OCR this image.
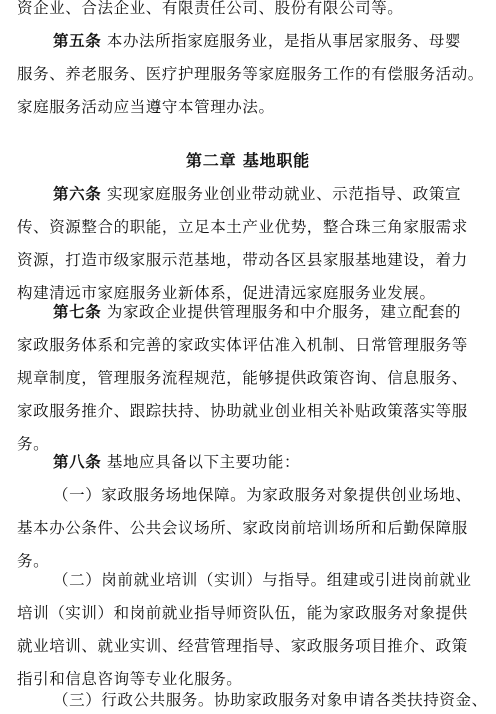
资企业、合法企业、有限责任公司、股份有限公司等。
第五条 本办法所指家庭服务业，是指从事居家服务、母婴
服务、养老服务、医疗护理服务等家庭服务工作的有偿服务活动。
家庭服务活动应当遵守本管理办法。
第二章 基地职能
第六条 实现家庭服务业创业带动就业、示范指导、政策宣
传、资源整合的职能，立足本土产业优势，整合珠三角家服需求
资源，打造市级家服示范基地，带动各区县家服基地建设，着力
构建清远市家庭服务业新体系，促进清远家庭服务业发展。
第七条 为家政企业提供管理服务和中介服务，建立配套的
家政服务体系和完善的家政实体评估准入机制、日常管理服务等
规章制度，管理服务流程规范，能够提供政策咨询、信息服务、
家政服务推介、跟踪扶持、协助就业创业相关补贴政策落实等服
务。
第八条 基地应具备以下主要功能：
（一）家政服务场地保障。为家政服务对象提供创业场地、
基本办公条件、公共会议场所、家政岗前培训场所和后勤保障服
务。
（二）岗前就业培训（实训）与指导。组建或引进岗前就业
培训（实训）和岗前就业指导师资队伍，能为家政服务对象提供
就业培训、就业实训、经营管理指导、家政服务项目推介、政策
指引和信息咨询等专业化服务。
（三）行政公共服务。协助家政服务对象申请各类扶持资金、
